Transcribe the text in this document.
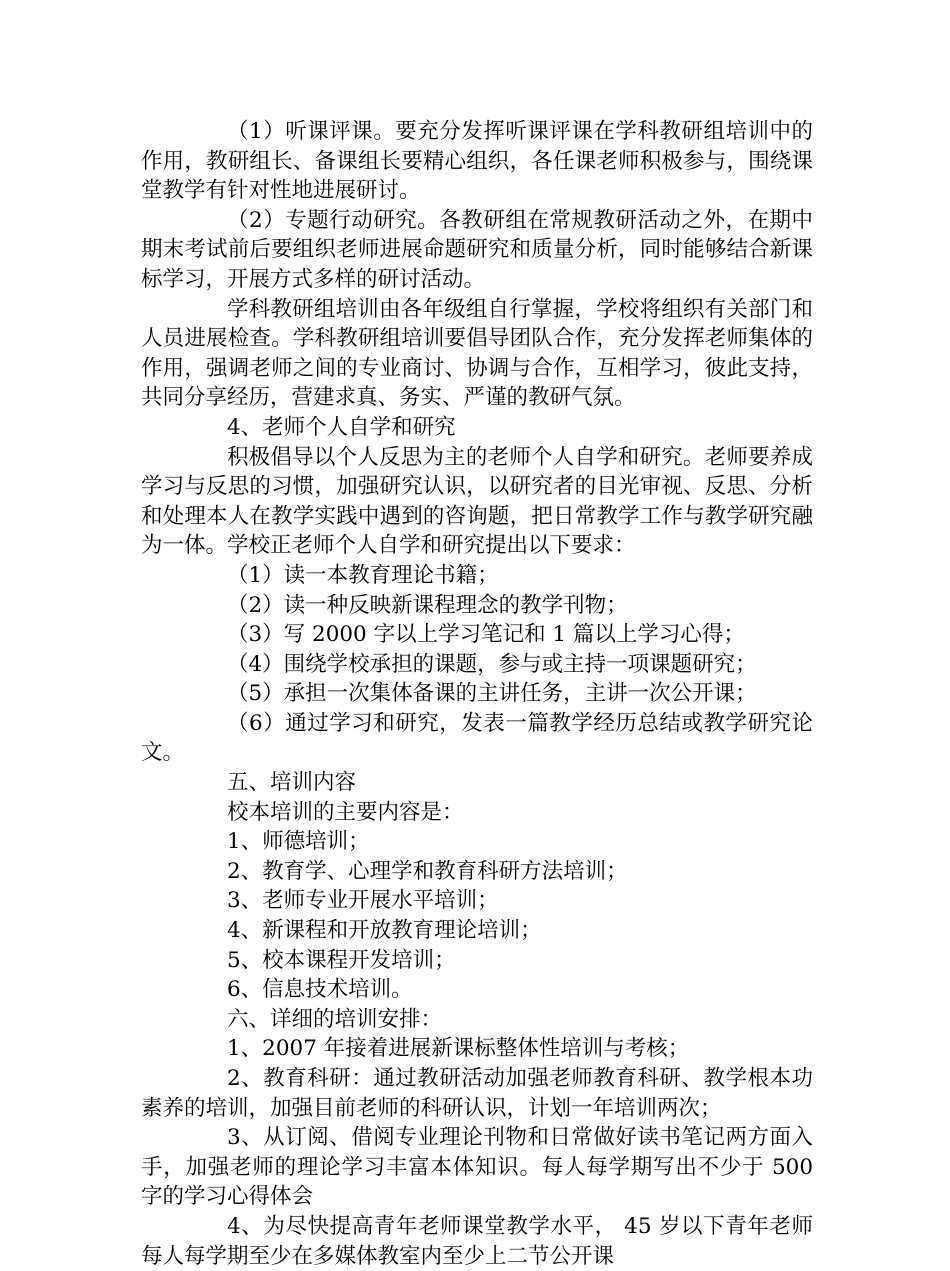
（1）听课评课。要充分发挥听课评课在学科教研组培训中的作用，教研组长、备课组长要精心组织，各任课老师积极参与，围绕课堂教学有针对性地进展研讨。

（2）专题行动研究。各教研组在常规教研活动之外，在期中期末考试前后要组织老师进展命题研究和质量分析，同时能够结合新课标学习，开展方式多样的研讨活动。

学科教研组培训由各年级组自行掌握，学校将组织有关部门和人员进展检查。学科教研组培训要倡导团队合作，充分发挥老师集体的作用，强调老师之间的专业商讨、协调与合作，互相学习，彼此支持，共同分享经历，营建求真、务实、严谨的教研气氛。

4、老师个人自学和研究

积极倡导以个人反思为主的老师个人自学和研究。老师要养成学习与反思的习惯，加强研究认识，以研究者的目光审视、反思、分析和处理本人在教学实践中遇到的咨询题，把日常教学工作与教学研究融为一体。学校正老师个人自学和研究提出以下要求：

（1）读一本教育理论书籍；

（2）读一种反映新课程理念的教学刊物；

（3）写 2000 字以上学习笔记和 1 篇以上学习心得；

（4）围绕学校承担的课题，参与或主持一项课题研究；

（5）承担一次集体备课的主讲任务，主讲一次公开课；

（6）通过学习和研究，发表一篇教学经历总结或教学研究论文。

五、培训内容

校本培训的主要内容是：

1、师德培训；

2、教育学、心理学和教育科研方法培训；

3、老师专业开展水平培训；

4、新课程和开放教育理论培训；

5、校本课程开发培训；

6、信息技术培训。

六、详细的培训安排：

1、2007 年接着进展新课标整体性培训与考核；

2、教育科研：通过教研活动加强老师教育科研、教学根本功素养的培训，加强目前老师的科研认识，计划一年培训两次；

3、从订阅、借阅专业理论刊物和日常做好读书笔记两方面入手，加强老师的理论学习丰富本体知识。每人每学期写出不少于 500 字的学习心得体会

4、为尽快提高青年老师课堂教学水平， 45 岁以下青年老师每人每学期至少在多媒体教室内至少上二节公开课
